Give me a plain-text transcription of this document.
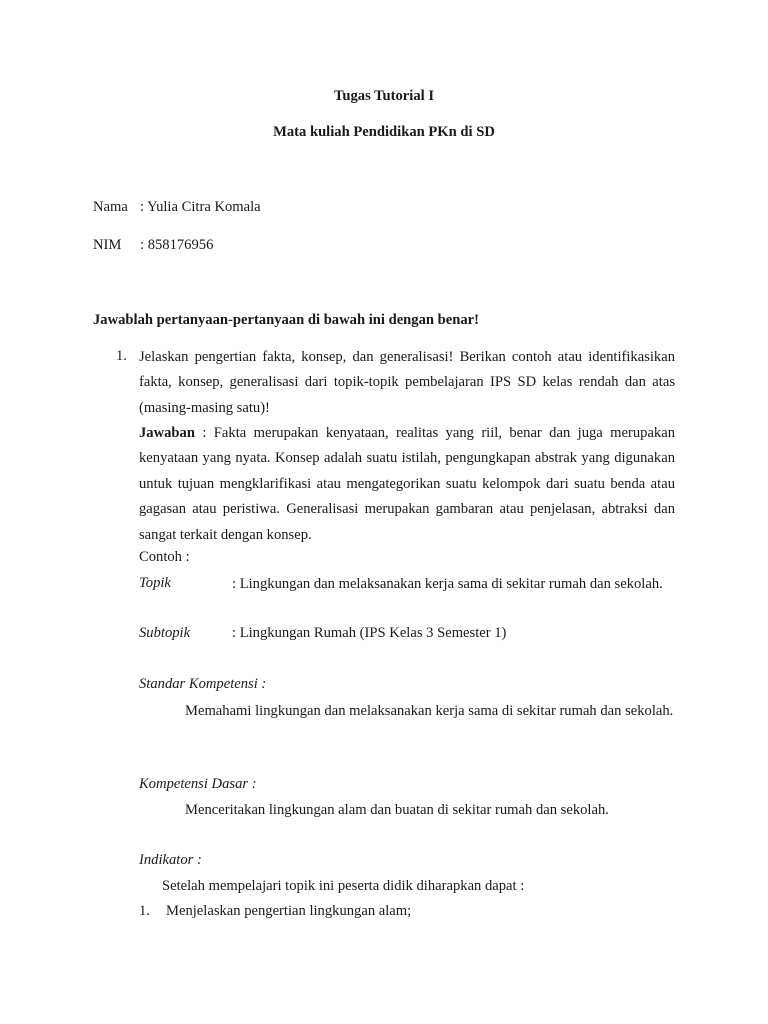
Tugas Tutorial I
Mata kuliah Pendidikan PKn di SD
Nama : Yulia Citra Komala
NIM : 858176956
Jawablah pertanyaan-pertanyaan di bawah ini dengan benar!
1. Jelaskan pengertian fakta, konsep, dan generalisasi! Berikan contoh atau identifikasikan fakta, konsep, generalisasi dari topik-topik pembelajaran IPS SD kelas rendah dan atas (masing-masing satu)!
Jawaban : Fakta merupakan kenyataan, realitas yang riil, benar dan juga merupakan kenyataan yang nyata. Konsep adalah suatu istilah, pengungkapan abstrak yang digunakan untuk tujuan mengklarifikasi atau mengategorikan suatu kelompok dari suatu benda atau gagasan atau peristiwa. Generalisasi merupakan gambaran atau penjelasan, abtraksi dan sangat terkait dengan konsep.
Contoh :
Topik	: Lingkungan dan melaksanakan kerja sama di sekitar rumah dan sekolah.
Subtopik	: Lingkungan Rumah (IPS Kelas 3 Semester 1)
Standar Kompetensi :
Memahami lingkungan dan melaksanakan kerja sama di sekitar rumah dan sekolah.
Kompetensi Dasar :
Menceritakan lingkungan alam dan buatan di sekitar rumah dan sekolah.
Indikator :
Setelah mempelajari topik ini peserta didik diharapkan dapat :
1. Menjelaskan pengertian lingkungan alam;
